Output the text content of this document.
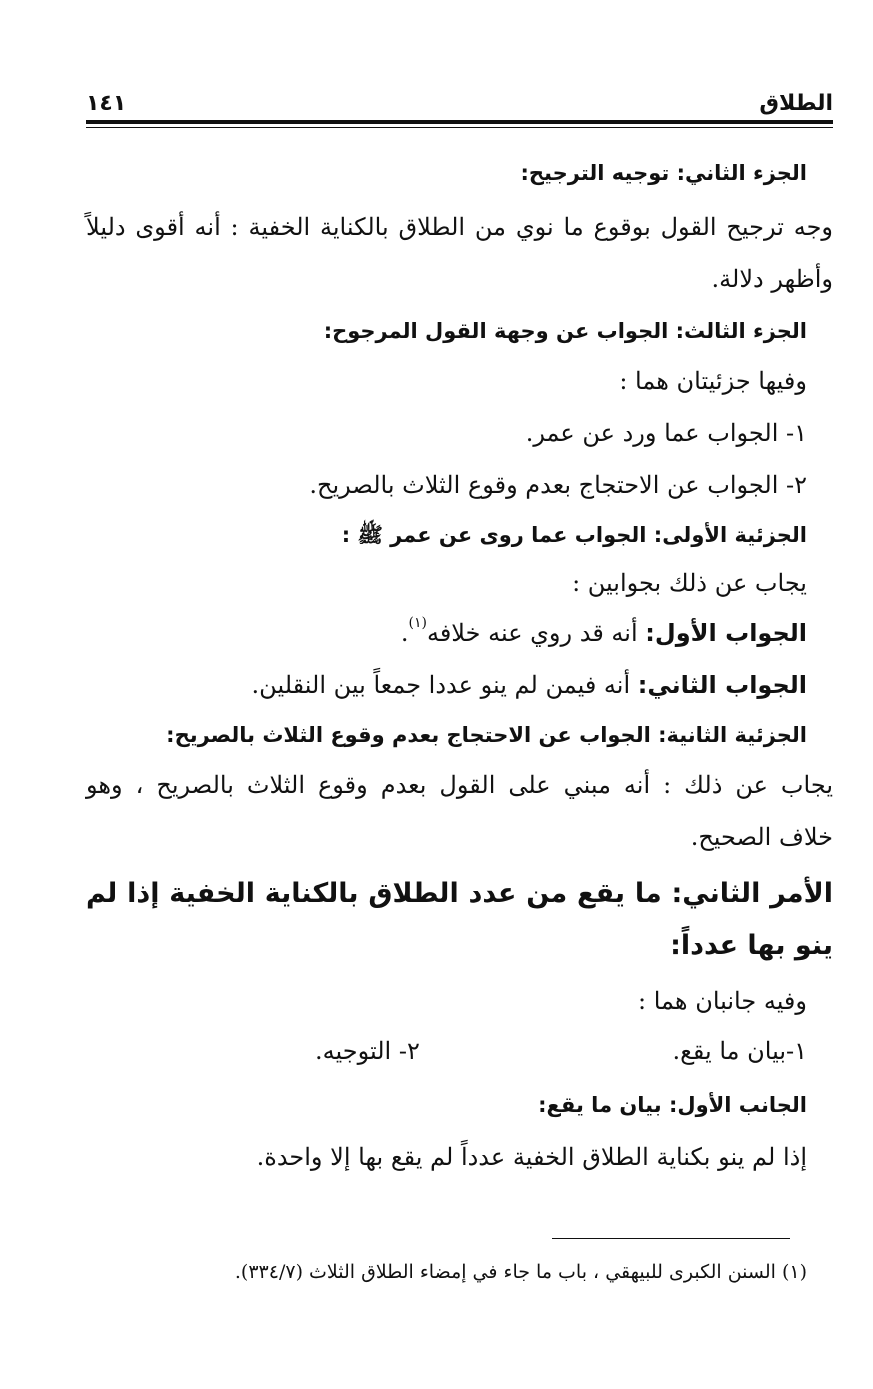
الطلاق
١٤١
الجزء الثاني: توجيه الترجيح:
وجه ترجيح القول بوقوع ما نوي من الطلاق بالكناية الخفية : أنه أقوى دليلاً
وأظهر دلالة.
الجزء الثالث: الجواب عن وجهة القول المرجوح:
وفيها جزئيتان هما :
١- الجواب عما ورد عن عمر.
٢- الجواب عن الاحتجاج بعدم وقوع الثلاث بالصريح.
الجزئية الأولى: الجواب عما روى عن عمر ﷺ :
يجاب عن ذلك بجوابين :
الجواب الأول: أنه قد روي عنه خلافه$^{(١)}$.
الجواب الثاني: أنه فيمن لم ينو عددا جمعاً بين النقلين.
الجزئية الثانية: الجواب عن الاحتجاج بعدم وقوع الثلاث بالصريح:
يجاب عن ذلك : أنه مبني على القول بعدم وقوع الثلاث بالصريح ، وهو
خلاف الصحيح.
الأمر الثاني: ما يقع من عدد الطلاق بالكناية الخفية إذا لم
ينو بها عدداً:
وفيه جانبان هما :
١-بيان ما يقع.
٢- التوجيه.
الجانب الأول: بيان ما يقع:
إذا لم ينو بكناية الطلاق الخفية عدداً لم يقع بها إلا واحدة.
(١) السنن الكبرى للبيهقي ، باب ما جاء في إمضاء الطلاق الثلاث (٣٣٤/٧).
